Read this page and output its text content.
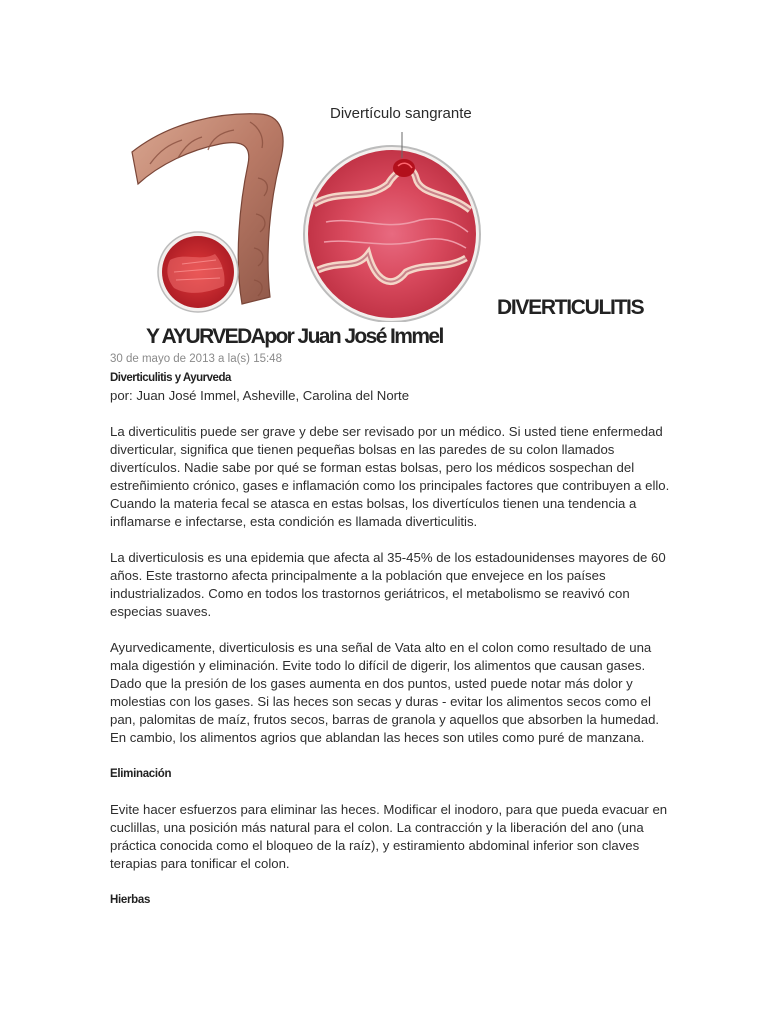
Divertículo sangrante
DIVERTICULITIS
Y AYURVEDApor Juan José Immel
30 de mayo de 2013 a la(s) 15:48

Diverticulitis y Ayurveda

por: Juan José Immel, Asheville, Carolina del Norte

La diverticulitis puede ser grave y debe ser revisado por un médico. Si usted tiene enfermedad diverticular, significa que tienen pequeñas bolsas en las paredes de su colon llamados divertículos. Nadie sabe por qué se forman estas bolsas, pero los médicos sospechan del estreñimiento crónico, gases e inflamación como los principales factores que contribuyen a ello. Cuando la materia fecal se atasca en estas bolsas, los divertículos tienen una tendencia a inflamarse e infectarse, esta condición es llamada diverticulitis.

La diverticulosis es una epidemia que afecta al 35-45% de los estadounidenses mayores de 60 años. Este trastorno afecta principalmente a la población que envejece en los países industrializados. Como en todos los trastornos geriátricos, el metabolismo se reavivó con especias suaves.

Ayurvedicamente, diverticulosis es una señal de Vata alto en el colon como resultado de una mala digestión y eliminación. Evite todo lo difícil de digerir, los alimentos que causan gases. Dado que la presión de los gases aumenta en dos puntos, usted puede notar más dolor y molestias con los gases. Si las heces son secas y duras - evitar los alimentos secos como el pan, palomitas de maíz, frutos secos, barras de granola y aquellos que absorben la humedad. En cambio, los alimentos agrios que ablandan las heces son utiles como puré de manzana.

Eliminación

Evite hacer esfuerzos para eliminar las heces. Modificar el inodoro, para que pueda evacuar en cuclillas, una posición más natural para el colon. La contracción y la liberación del ano (una práctica conocida como el bloqueo de la raíz), y estiramiento abdominal inferior son claves terapias para tonificar el colon.

Hierbas
